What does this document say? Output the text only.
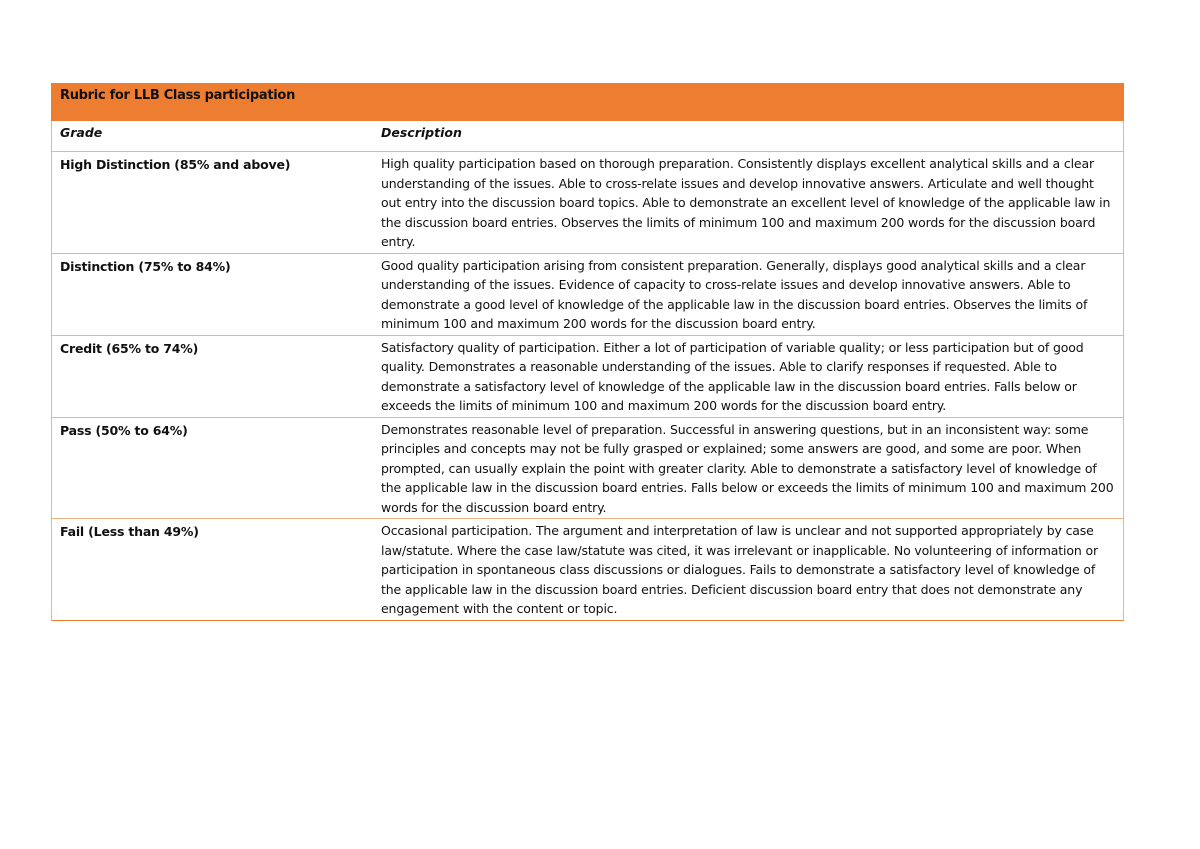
Rubric for LLB Class participation
Grade	Description
High Distinction (85% and above)	High quality participation based on thorough preparation. Consistently displays excellent analytical skills and a clear understanding of the issues. Able to cross-relate issues and develop innovative answers. Articulate and well thought out entry into the discussion board topics. Able to demonstrate an excellent level of knowledge of the applicable law in the discussion board entries. Observes the limits of minimum 100 and maximum 200 words for the discussion board entry.
Distinction (75% to 84%)	Good quality participation arising from consistent preparation. Generally, displays good analytical skills and a clear understanding of the issues. Evidence of capacity to cross-relate issues and develop innovative answers. Able to demonstrate a good level of knowledge of the applicable law in the discussion board entries. Observes the limits of minimum 100 and maximum 200 words for the discussion board entry.
Credit (65% to 74%)	Satisfactory quality of participation. Either a lot of participation of variable quality; or less participation but of good quality. Demonstrates a reasonable understanding of the issues. Able to clarify responses if requested. Able to demonstrate a satisfactory level of knowledge of the applicable law in the discussion board entries. Falls below or exceeds the limits of minimum 100 and maximum 200 words for the discussion board entry.
Pass (50% to 64%)	Demonstrates reasonable level of preparation. Successful in answering questions, but in an inconsistent way: some principles and concepts may not be fully grasped or explained; some answers are good, and some are poor. When prompted, can usually explain the point with greater clarity. Able to demonstrate a satisfactory level of knowledge of the applicable law in the discussion board entries. Falls below or exceeds the limits of minimum 100 and maximum 200 words for the discussion board entry.
Fail (Less than 49%)	Occasional participation. The argument and interpretation of law is unclear and not supported appropriately by case law/statute. Where the case law/statute was cited, it was irrelevant or inapplicable. No volunteering of information or participation in spontaneous class discussions or dialogues. Fails to demonstrate a satisfactory level of knowledge of the applicable law in the discussion board entries. Deficient discussion board entry that does not demonstrate any engagement with the content or topic.
